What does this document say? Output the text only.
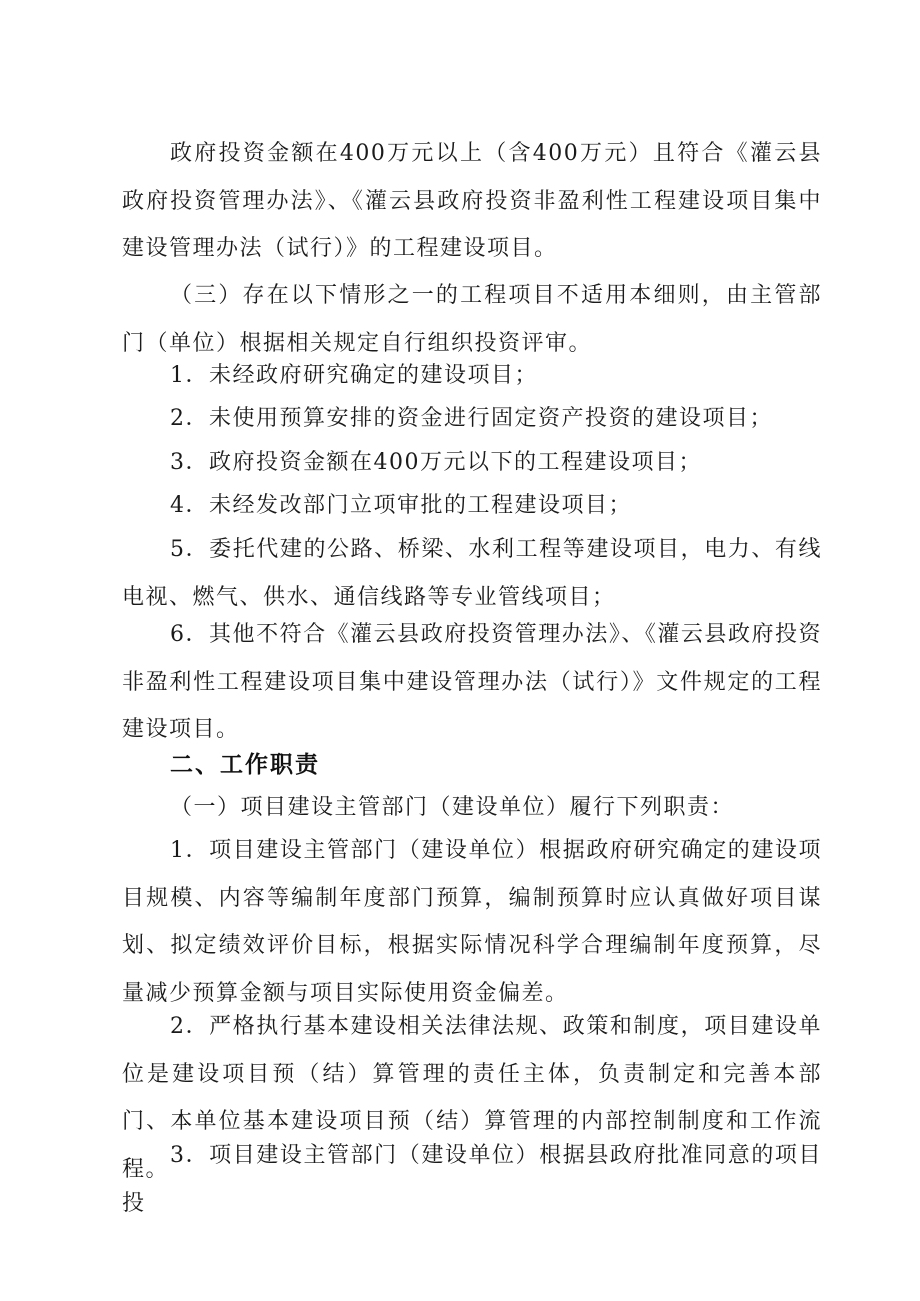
政府投资金额在400万元以上（含400万元）且符合《灌云县政府投资管理办法》、《灌云县政府投资非盈利性工程建设项目集中建设管理办法（试行）》的工程建设项目。

（三）存在以下情形之一的工程项目不适用本细则，由主管部门（单位）根据相关规定自行组织投资评审。

1．未经政府研究确定的建设项目；

2．未使用预算安排的资金进行固定资产投资的建设项目；

3．政府投资金额在400万元以下的工程建设项目；

4．未经发改部门立项审批的工程建设项目；

5．委托代建的公路、桥梁、水利工程等建设项目，电力、有线电视、燃气、供水、通信线路等专业管线项目；

6．其他不符合《灌云县政府投资管理办法》、《灌云县政府投资非盈利性工程建设项目集中建设管理办法（试行）》文件规定的工程建设项目。

二、工作职责

（一）项目建设主管部门（建设单位）履行下列职责：

1．项目建设主管部门（建设单位）根据政府研究确定的建设项目规模、内容等编制年度部门预算，编制预算时应认真做好项目谋划、拟定绩效评价目标，根据实际情况科学合理编制年度预算，尽量减少预算金额与项目实际使用资金偏差。

2．严格执行基本建设相关法律法规、政策和制度，项目建设单位是建设项目预（结）算管理的责任主体，负责制定和完善本部门、本单位基本建设项目预（结）算管理的内部控制制度和工作流程。

3．项目建设主管部门（建设单位）根据县政府批准同意的项目投
